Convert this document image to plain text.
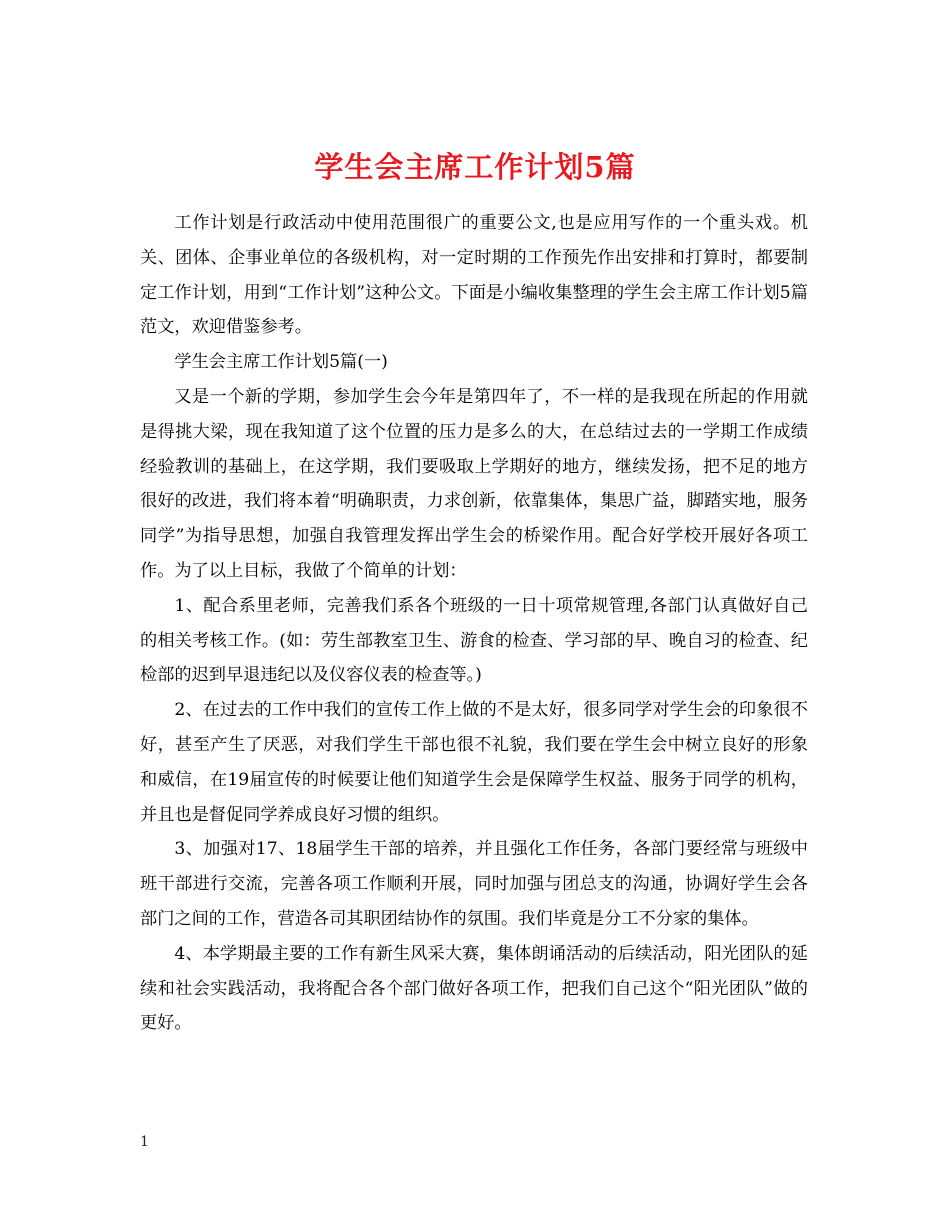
学生会主席工作计划5篇

工作计划是行政活动中使用范围很广的重要公文,也是应用写作的一个重头戏。机关、团体、企事业单位的各级机构，对一定时期的工作预先作出安排和打算时，都要制定工作计划，用到“工作计划”这种公文。下面是小编收集整理的学生会主席工作计划5篇范文，欢迎借鉴参考。

学生会主席工作计划5篇(一)

又是一个新的学期，参加学生会今年是第四年了，不一样的是我现在所起的作用就是得挑大梁，现在我知道了这个位置的压力是多么的大，在总结过去的一学期工作成绩经验教训的基础上，在这学期，我们要吸取上学期好的地方，继续发扬，把不足的地方很好的改进，我们将本着“明确职责，力求创新，依靠集体，集思广益，脚踏实地，服务同学”为指导思想，加强自我管理发挥出学生会的桥梁作用。配合好学校开展好各项工作。为了以上目标，我做了个简单的计划：

1、配合系里老师，完善我们系各个班级的一日十项常规管理,各部门认真做好自己的相关考核工作。(如：劳生部教室卫生、游食的检查、学习部的早、晚自习的检查、纪检部的迟到早退违纪以及仪容仪表的检查等。)

2、在过去的工作中我们的宣传工作上做的不是太好，很多同学对学生会的印象很不好，甚至产生了厌恶，对我们学生干部也很不礼貌，我们要在学生会中树立良好的形象和威信，在19届宣传的时候要让他们知道学生会是保障学生权益、服务于同学的机构，并且也是督促同学养成良好习惯的组织。

3、加强对17、18届学生干部的培养，并且强化工作任务，各部门要经常与班级中班干部进行交流，完善各项工作顺利开展，同时加强与团总支的沟通，协调好学生会各部门之间的工作，营造各司其职团结协作的氛围。我们毕竟是分工不分家的集体。

4、本学期最主要的工作有新生风采大赛，集体朗诵活动的后续活动，阳光团队的延续和社会实践活动，我将配合各个部门做好各项工作，把我们自己这个“阳光团队”做的更好。

1
